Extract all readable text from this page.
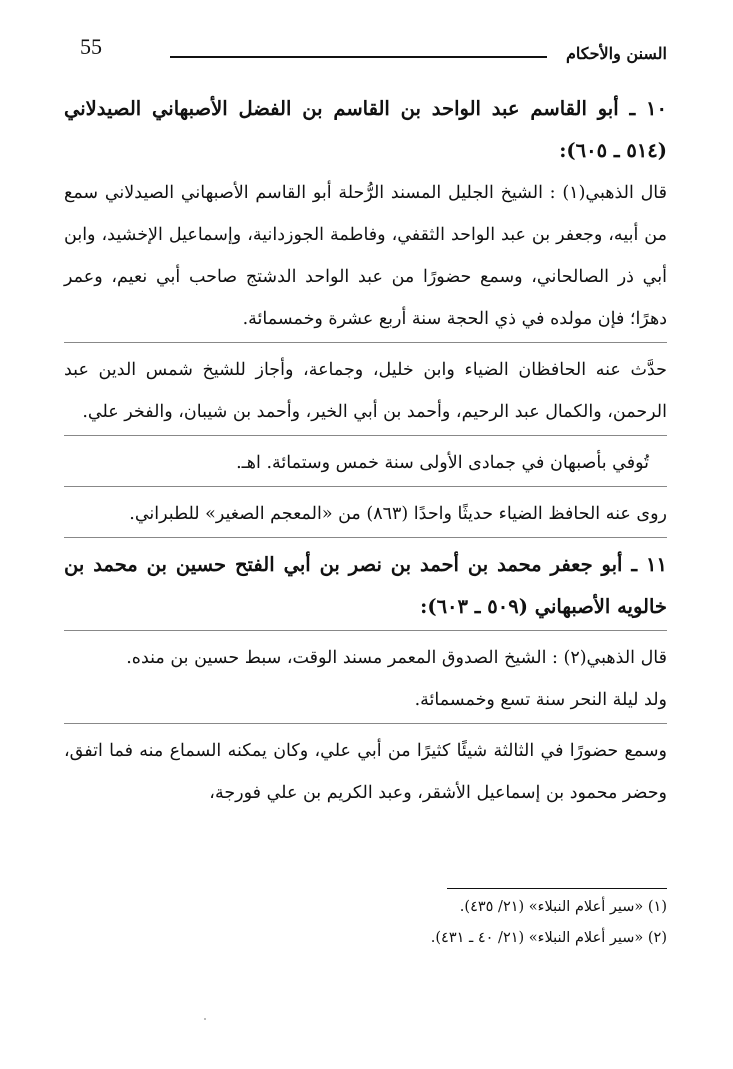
55	السنن والأحكام

١٠ ـ أبو القاسم عبد الواحد بن القاسم بن الفضل الأصبهاني الصيدلاني (٥١٤ ـ ٦٠٥):

قال الذهبي(١) : الشيخ الجليل المسند الرُّحلة أبو القاسم الأصبهاني الصيدلاني سمع من أبيه، وجعفر بن عبد الواحد الثقفي، وفاطمة الجوزدانية، وإسماعيل الإخشيد، وابن أبي ذر الصالحاني، وسمع حضورًا من عبد الواحد الدشتج صاحب أبي نعيم، وعمر دهرًا؛ فإن مولده في ذي الحجة سنة أربع عشرة وخمسمائة.

حدَّث عنه الحافظان الضياء وابن خليل، وجماعة، وأجاز للشيخ شمس الدين عبد الرحمن، والكمال عبد الرحيم، وأحمد بن أبي الخير، وأحمد بن شيبان، والفخر علي.

تُوفي بأصبهان في جمادى الأولى سنة خمس وستمائة. اهـ.

روى عنه الحافظ الضياء حديثًا واحدًا (٨٦٣) من «المعجم الصغير» للطبراني.

١١ ـ أبو جعفر محمد بن أحمد بن نصر بن أبي الفتح حسين بن محمد بن خالويه الأصبهاني (٥٠٩ ـ ٦٠٣):

قال الذهبي(٢) : الشيخ الصدوق المعمر مسند الوقت، سبط حسين بن منده.

ولد ليلة النحر سنة تسع وخمسمائة.

وسمع حضورًا في الثالثة شيئًا كثيرًا من أبي علي، وكان يمكنه السماع منه فما اتفق، وحضر محمود بن إسماعيل الأشقر، وعبد الكريم بن علي فورجة،

(١) «سير أعلام النبلاء» (٢١/ ٤٣٥).

(٢) «سير أعلام النبلاء» (٢١/ ٤٠ ـ ٤٣١).
